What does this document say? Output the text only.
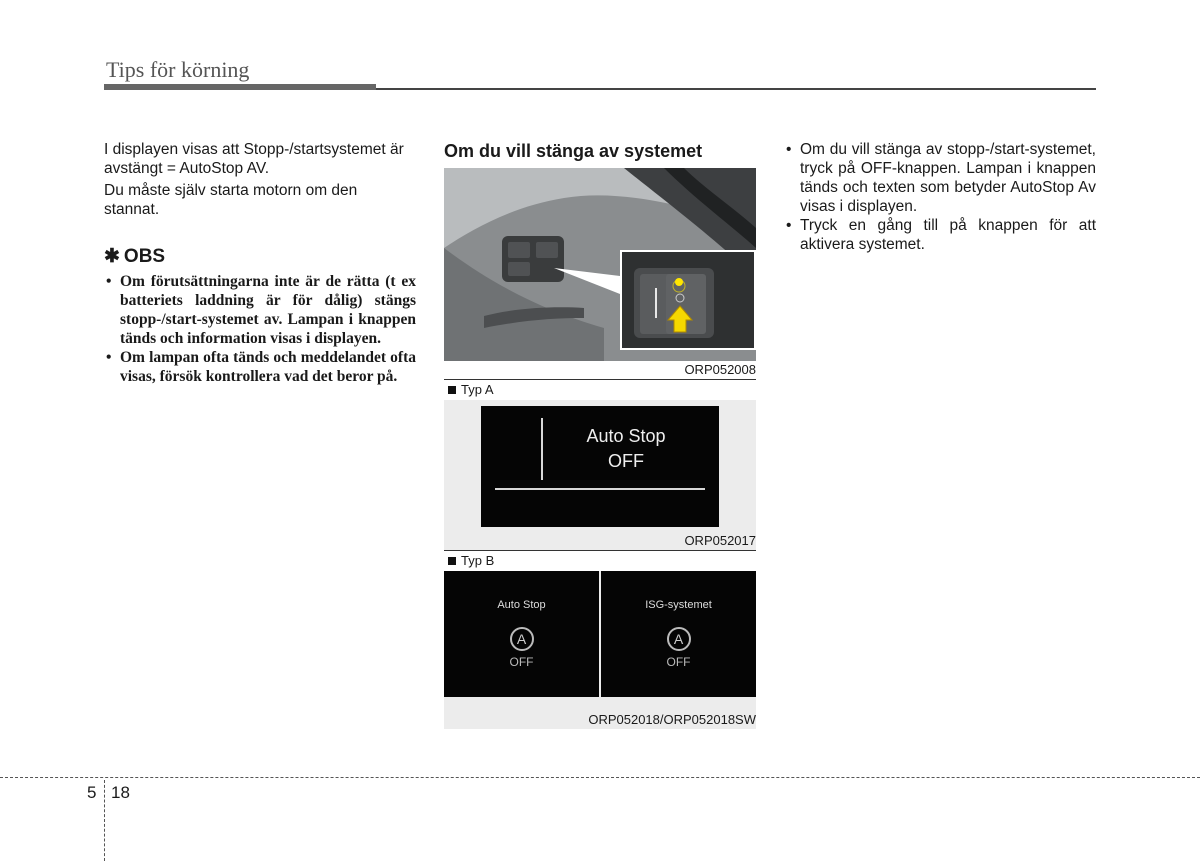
Tips för körning

I displayen visas att Stopp-/startsystemet är avstängt = AutoStop AV.

Du måste själv starta motorn om den stannat.

✱ OBS
• Om förutsättningarna inte är de rätta (t ex batteriets laddning är för dålig) stängs stopp-/start-systemet av. Lampan i knappen tänds och information visas i displayen.
• Om lampan ofta tänds och meddelandet ofta visas, försök kontrollera vad det beror på.
Om du vill stänga av systemet
ORP052008
Typ A
Auto Stop
OFF
ORP052017
Typ B
Auto Stop
A
OFF
ISG-systemet
A
OFF
ORP052018/ORP052018SW
• Om du vill stänga av stopp-/start-systemet, tryck på OFF-knappen. Lampan i knappen tänds och texten som betyder AutoStop Av visas i displayen.
• Tryck en gång till på knappen för att aktivera systemet.
5 18
